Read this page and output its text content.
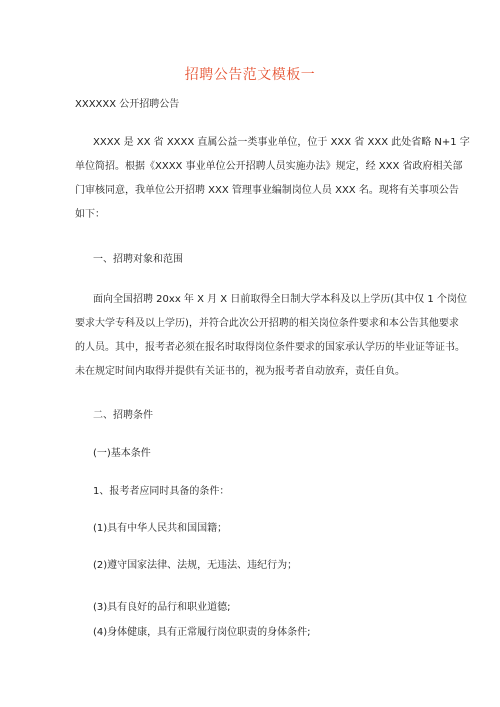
招聘公告范文模板一
XXXXXX 公开招聘公告
XXXX 是 XX 省 XXXX 直属公益一类事业单位，位于 XXX 省 XXX 此处省略 N+1 字
单位简招。根据《XXXX 事业单位公开招聘人员实施办法》规定，经 XXX 省政府相关部
门审核同意，我单位公开招聘 XXX 管理事业编制岗位人员 XXX 名。现将有关事项公告
如下：
一、招聘对象和范围
面向全国招聘 20xx 年 X 月 X 日前取得全日制大学本科及以上学历(其中仅 1 个岗位
要求大学专科及以上学历)，并符合此次公开招聘的相关岗位条件要求和本公告其他要求
的人员。其中，报考者必须在报名时取得岗位条件要求的国家承认学历的毕业证等证书。
未在规定时间内取得并提供有关证书的，视为报考者自动放弃，责任自负。
二、招聘条件
(一)基本条件
1、报考者应同时具备的条件：
(1)具有中华人民共和国国籍；
(2)遵守国家法律、法规，无违法、违纪行为；
(3)具有良好的品行和职业道德;
(4)身体健康，具有正常履行岗位职责的身体条件;
